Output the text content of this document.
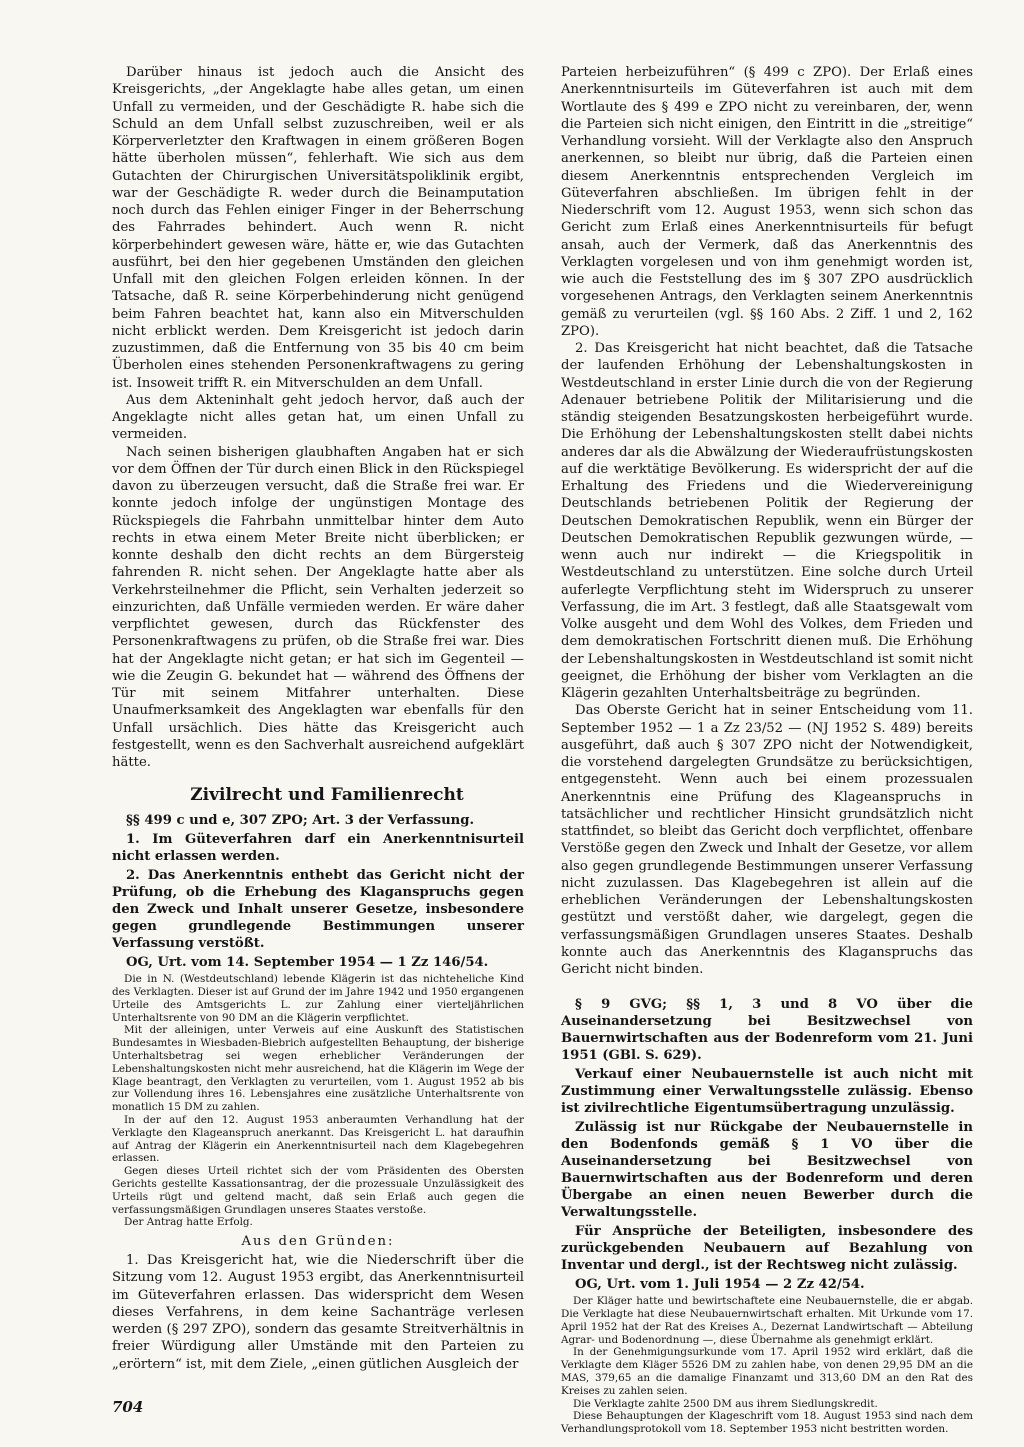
Darüber hinaus ist jedoch auch die Ansicht des Kreisgerichts, „der Angeklagte habe alles getan, um einen Unfall zu vermeiden, und der Geschädigte R. habe sich die Schuld an dem Unfall selbst zuzuschreiben, weil er als Körperverletzter den Kraftwagen in einem größeren Bogen hätte überholen müssen“, fehlerhaft. Wie sich aus dem Gutachten der Chirurgischen Universitätspoliklinik ergibt, war der Geschädigte R. weder durch die Beinamputation noch durch das Fehlen einiger Finger in der Beherrschung des Fahrrades behindert. Auch wenn R. nicht körperbehindert gewesen wäre, hätte er, wie das Gutachten ausführt, bei den hier gegebenen Umständen den gleichen Unfall mit den gleichen Folgen erleiden können. In der Tatsache, daß R. seine Körperbehinderung nicht genügend beim Fahren beachtet hat, kann also ein Mitverschulden nicht erblickt werden. Dem Kreisgericht ist jedoch darin zuzustimmen, daß die Entfernung von 35 bis 40 cm beim Überholen eines stehenden Personenkraftwagens zu gering ist. Insoweit trifft R. ein Mitverschulden an dem Unfall.

Aus dem Akteninhalt geht jedoch hervor, daß auch der Angeklagte nicht alles getan hat, um einen Unfall zu vermeiden.

Nach seinen bisherigen glaubhaften Angaben hat er sich vor dem Öffnen der Tür durch einen Blick in den Rückspiegel davon zu überzeugen versucht, daß die Straße frei war. Er konnte jedoch infolge der ungünstigen Montage des Rückspiegels die Fahrbahn unmittelbar hinter dem Auto rechts in etwa einem Meter Breite nicht überblicken; er konnte deshalb den dicht rechts an dem Bürgersteig fahrenden R. nicht sehen. Der Angeklagte hatte aber als Verkehrsteilnehmer die Pflicht, sein Verhalten jederzeit so einzurichten, daß Unfälle vermieden werden. Er wäre daher verpflichtet gewesen, durch das Rückfenster des Personenkraftwagens zu prüfen, ob die Straße frei war. Dies hat der Angeklagte nicht getan; er hat sich im Gegenteil — wie die Zeugin G. bekundet hat — während des Öffnens der Tür mit seinem Mitfahrer unterhalten. Diese Unaufmerksamkeit des Angeklagten war ebenfalls für den Unfall ursächlich. Dies hätte das Kreisgericht auch festgestellt, wenn es den Sachverhalt ausreichend aufgeklärt hätte.

Zivilrecht und Familienrecht

§§ 499 c und e, 307 ZPO; Art. 3 der Verfassung.

1. Im Güteverfahren darf ein Anerkenntnisurteil nicht erlassen werden.

2. Das Anerkenntnis enthebt das Gericht nicht der Prüfung, ob die Erhebung des Klaganspruchs gegen den Zweck und Inhalt unserer Gesetze, insbesondere gegen grundlegende Bestimmungen unserer Verfassung verstößt.

OG, Urt. vom 14. September 1954 — 1 Zz 146/54.

Die in N. (Westdeutschland) lebende Klägerin ist das nichteheliche Kind des Verklagten. Dieser ist auf Grund der im Jahre 1942 und 1950 ergangenen Urteile des Amtsgerichts L. zur Zahlung einer vierteljährlichen Unterhaltsrente von 90 DM an die Klägerin verpflichtet.

Mit der alleinigen, unter Verweis auf eine Auskunft des Statistischen Bundesamtes in Wiesbaden-Biebrich aufgestellten Behauptung, der bisherige Unterhaltsbetrag sei wegen erheblicher Veränderungen der Lebenshaltungskosten nicht mehr ausreichend, hat die Klägerin im Wege der Klage beantragt, den Verklagten zu verurteilen, vom 1. August 1952 ab bis zur Vollendung ihres 16. Lebensjahres eine zusätzliche Unterhaltsrente von monatlich 15 DM zu zahlen.

In der auf den 12. August 1953 anberaumten Verhandlung hat der Verklagte den Klageanspruch anerkannt. Das Kreisgericht L. hat daraufhin auf Antrag der Klägerin ein Anerkenntnisurteil nach dem Klagebegehren erlassen.

Gegen dieses Urteil richtet sich der vom Präsidenten des Obersten Gerichts gestellte Kassationsantrag, der die prozessuale Unzulässigkeit des Urteils rügt und geltend macht, daß sein Erlaß auch gegen die verfassungsmäßigen Grundlagen unseres Staates verstoße.

Der Antrag hatte Erfolg.

Aus den Gründen:

1. Das Kreisgericht hat, wie die Niederschrift über die Sitzung vom 12. August 1953 ergibt, das Anerkenntnisurteil im Güteverfahren erlassen. Das widerspricht dem Wesen dieses Verfahrens, in dem keine Sachanträge verlesen werden (§ 297 ZPO), sondern das gesamte Streitverhältnis in freier Würdigung aller Umstände mit den Parteien zu „erörtern“ ist, mit dem Ziele, „einen gütlichen Ausgleich der

Parteien herbeizuführen“ (§ 499 c ZPO). Der Erlaß eines Anerkenntnisurteils im Güteverfahren ist auch mit dem Wortlaute des § 499 e ZPO nicht zu vereinbaren, der, wenn die Parteien sich nicht einigen, den Eintritt in die „streitige“ Verhandlung vorsieht. Will der Verklagte also den Anspruch anerkennen, so bleibt nur übrig, daß die Parteien einen diesem Anerkenntnis entsprechenden Vergleich im Güteverfahren abschließen. Im übrigen fehlt in der Niederschrift vom 12. August 1953, wenn sich schon das Gericht zum Erlaß eines Anerkenntnisurteils für befugt ansah, auch der Vermerk, daß das Anerkenntnis des Verklagten vorgelesen und von ihm genehmigt worden ist, wie auch die Feststellung des im § 307 ZPO ausdrücklich vorgesehenen Antrags, den Verklagten seinem Anerkenntnis gemäß zu verurteilen (vgl. §§ 160 Abs. 2 Ziff. 1 und 2, 162 ZPO).

2. Das Kreisgericht hat nicht beachtet, daß die Tatsache der laufenden Erhöhung der Lebenshaltungskosten in Westdeutschland in erster Linie durch die von der Regierung Adenauer betriebene Politik der Militarisierung und die ständig steigenden Besatzungskosten herbeigeführt wurde. Die Erhöhung der Lebenshaltungskosten stellt dabei nichts anderes dar als die Abwälzung der Wiederaufrüstungskosten auf die werktätige Bevölkerung. Es widerspricht der auf die Erhaltung des Friedens und die Wiedervereinigung Deutschlands betriebenen Politik der Regierung der Deutschen Demokratischen Republik, wenn ein Bürger der Deutschen Demokratischen Republik gezwungen würde, — wenn auch nur indirekt — die Kriegspolitik in Westdeutschland zu unterstützen. Eine solche durch Urteil auferlegte Verpflichtung steht im Widerspruch zu unserer Verfassung, die im Art. 3 festlegt, daß alle Staatsgewalt vom Volke ausgeht und dem Wohl des Volkes, dem Frieden und dem demokratischen Fortschritt dienen muß. Die Erhöhung der Lebenshaltungskosten in Westdeutschland ist somit nicht geeignet, die Erhöhung der bisher vom Verklagten an die Klägerin gezahlten Unterhaltsbeiträge zu begründen.

Das Oberste Gericht hat in seiner Entscheidung vom 11. September 1952 — 1 a Zz 23/52 — (NJ 1952 S. 489) bereits ausgeführt, daß auch § 307 ZPO nicht der Notwendigkeit, die vorstehend dargelegten Grundsätze zu berücksichtigen, entgegensteht. Wenn auch bei einem prozessualen Anerkenntnis eine Prüfung des Klageanspruchs in tatsächlicher und rechtlicher Hinsicht grundsätzlich nicht stattfindet, so bleibt das Gericht doch verpflichtet, offenbare Verstöße gegen den Zweck und Inhalt der Gesetze, vor allem also gegen grundlegende Bestimmungen unserer Verfassung nicht zuzulassen. Das Klagebegehren ist allein auf die erheblichen Veränderungen der Lebenshaltungskosten gestützt und verstößt daher, wie dargelegt, gegen die verfassungsmäßigen Grundlagen unseres Staates. Deshalb konnte auch das Anerkenntnis des Klaganspruchs das Gericht nicht binden.

§ 9 GVG; §§ 1, 3 und 8 VO über die Auseinandersetzung bei Besitzwechsel von Bauernwirtschaften aus der Bodenreform vom 21. Juni 1951 (GBl. S. 629).

Verkauf einer Neubauernstelle ist auch nicht mit Zustimmung einer Verwaltungsstelle zulässig. Ebenso ist zivilrechtliche Eigentumsübertragung unzulässig.

Zulässig ist nur Rückgabe der Neubauernstelle in den Bodenfonds gemäß § 1 VO über die Auseinandersetzung bei Besitzwechsel von Bauernwirtschaften aus der Bodenreform und deren Übergabe an einen neuen Bewerber durch die Verwaltungsstelle.

Für Ansprüche der Beteiligten, insbesondere des zurückgebenden Neubauern auf Bezahlung von Inventar und dergl., ist der Rechtsweg nicht zulässig.

OG, Urt. vom 1. Juli 1954 — 2 Zz 42/54.

Der Kläger hatte und bewirtschaftete eine Neubauernstelle, die er abgab. Die Verklagte hat diese Neubauernwirtschaft erhalten. Mit Urkunde vom 17. April 1952 hat der Rat des Kreises A., Dezernat Landwirtschaft — Abteilung Agrar- und Bodenordnung —, diese Übernahme als genehmigt erklärt.

In der Genehmigungsurkunde vom 17. April 1952 wird erklärt, daß die Verklagte dem Kläger 5526 DM zu zahlen habe, von denen 29,95 DM an die MAS, 379,65 an die damalige Finanzamt und 313,60 DM an den Rat des Kreises zu zahlen seien.

Die Verklagte zahlte 2500 DM aus ihrem Siedlungskredit.

Diese Behauptungen der Klageschrift vom 18. August 1953 sind nach dem Verhandlungsprotokoll vom 18. September 1953 nicht bestritten worden.

704
